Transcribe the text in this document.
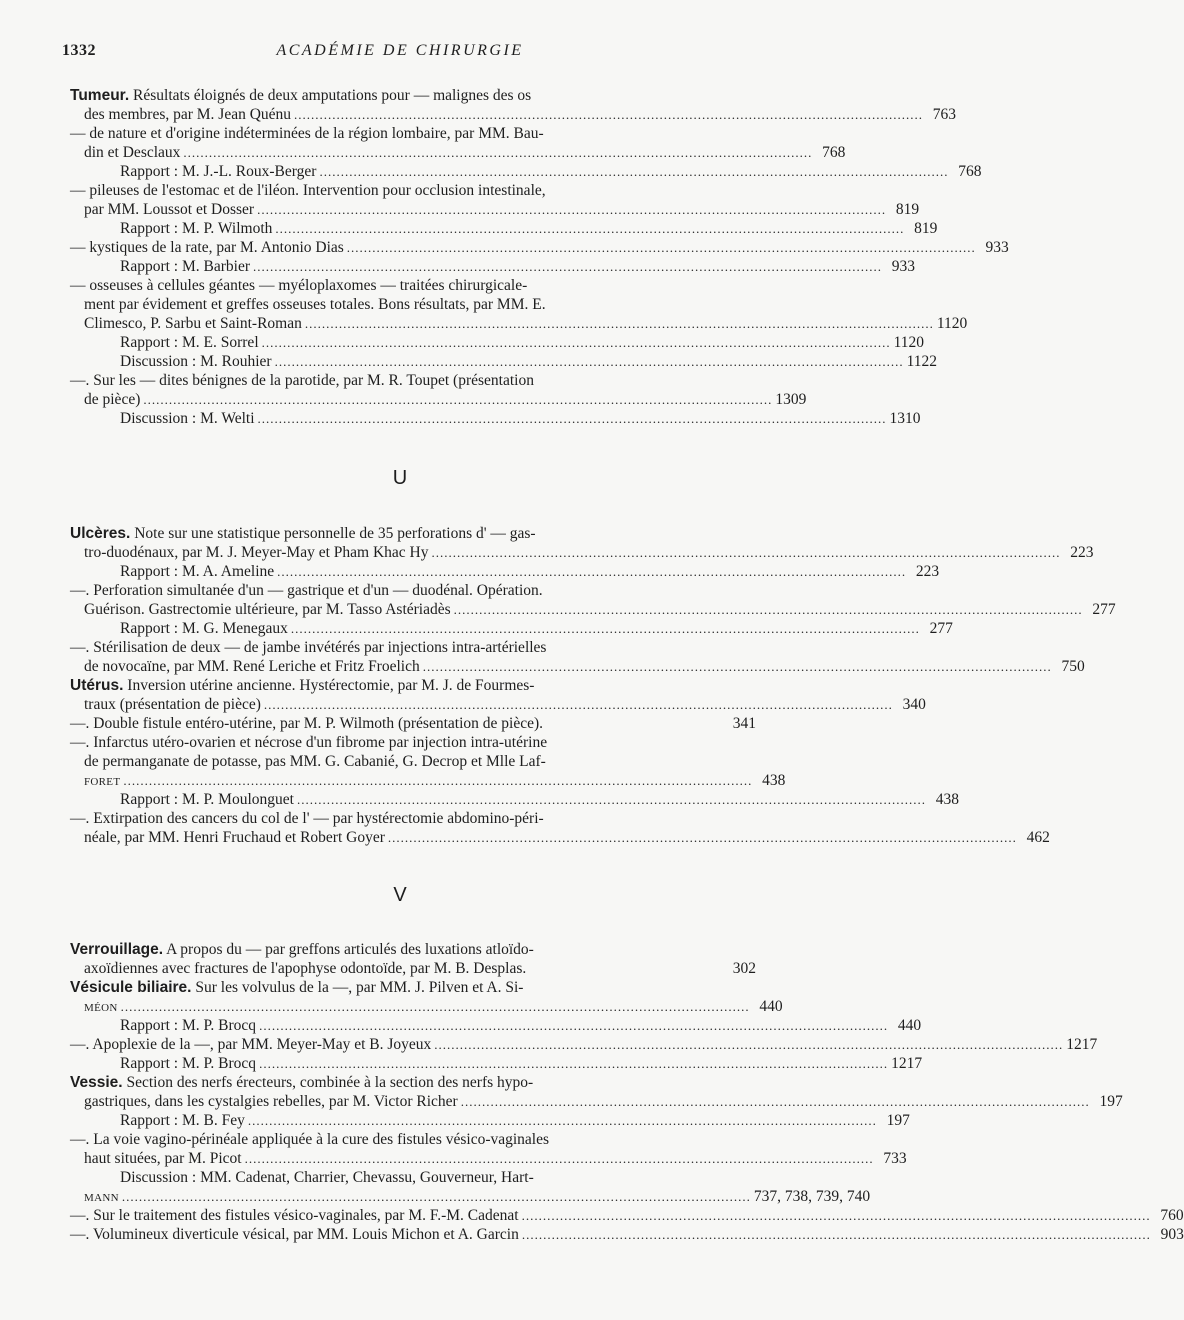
1332	ACADÉMIE DE CHIRURGIE
Tumeur. Résultats éloignés de deux amputations pour — malignes des os
des membres, par M. Jean Quénu .................................................................................................................................................... 763
— de nature et d'origine indéterminées de la région lombaire, par MM. Bau-
din et Desclaux .................................................................................................................................................... 768
Rapport : M. J.-L. Roux-Berger .................................................................................................................................................... 768
— pileuses de l'estomac et de l'iléon. Intervention pour occlusion intestinale,
par MM. Loussot et Dosser .................................................................................................................................................... 819
Rapport : M. P. Wilmoth .................................................................................................................................................... 819
— kystiques de la rate, par M. Antonio Dias .................................................................................................................................................... 933
Rapport : M. Barbier .................................................................................................................................................... 933
— osseuses à cellules géantes — myéloplaxomes — traitées chirurgicale-
ment par évidement et greffes osseuses totales. Bons résultats, par MM. E.
Climesco, P. Sarbu et Saint-Roman .................................................................................................................................................... 1120
Rapport : M. E. Sorrel .................................................................................................................................................... 1120
Discussion : M. Rouhier .................................................................................................................................................... 1122
—. Sur les — dites bénignes de la parotide, par M. R. Toupet (présentation
de pièce) .................................................................................................................................................... 1309
Discussion : M. Welti .................................................................................................................................................... 1310
U
Ulcères. Note sur une statistique personnelle de 35 perforations d' — gas-
tro-duodénaux, par M. J. Meyer-May et Pham Khac Hy .................................................................................................................................................... 223
Rapport : M. A. Ameline .................................................................................................................................................... 223
—. Perforation simultanée d'un — gastrique et d'un — duodénal. Opération.
Guérison. Gastrectomie ultérieure, par M. Tasso Astériadès .................................................................................................................................................... 277
Rapport : M. G. Menegaux .................................................................................................................................................... 277
—. Stérilisation de deux — de jambe invétérés par injections intra-artérielles
de novocaïne, par MM. René Leriche et Fritz Froelich .................................................................................................................................................... 750
Utérus. Inversion utérine ancienne. Hystérectomie, par M. J. de Fourmes-
traux (présentation de pièce) .................................................................................................................................................... 340
—. Double fistule entéro-utérine, par M. P. Wilmoth (présentation de pièce).	341
—. Infarctus utéro-ovarien et nécrose d'un fibrome par injection intra-utérine
de permanganate de potasse, pas MM. G. Cabanié, G. Decrop et Mlle Laf-
foret .................................................................................................................................................... 438
Rapport : M. P. Moulonguet .................................................................................................................................................... 438
—. Extirpation des cancers du col de l' — par hystérectomie abdomino-péri-
néale, par MM. Henri Fruchaud et Robert Goyer .................................................................................................................................................... 462
V
Verrouillage. A propos du — par greffons articulés des luxations atloïdo-
axoïdiennes avec fractures de l'apophyse odontoïde, par M. B. Desplas.	302
Vésicule biliaire. Sur les volvulus de la —, par MM. J. Pilven et A. Si-
méon .................................................................................................................................................... 440
Rapport : M. P. Brocq .................................................................................................................................................... 440
—. Apoplexie de la —, par MM. Meyer-May et B. Joyeux .................................................................................................................................................... 1217
Rapport : M. P. Brocq .................................................................................................................................................... 1217
Vessie. Section des nerfs érecteurs, combinée à la section des nerfs hypo-
gastriques, dans les cystalgies rebelles, par M. Victor Richer .................................................................................................................................................... 197
Rapport : M. B. Fey .................................................................................................................................................... 197
—. La voie vagino-périnéale appliquée à la cure des fistules vésico-vaginales
haut situées, par M. Picot .................................................................................................................................................... 733
Discussion : MM. Cadenat, Charrier, Chevassu, Gouverneur, Hart-
mann .................................................................................................................................................... 737, 738, 739, 740
—. Sur le traitement des fistules vésico-vaginales, par M. F.-M. Cadenat .................................................................................................................................................... 760
—. Volumineux diverticule vésical, par MM. Louis Michon et A. Garcin .................................................................................................................................................... 903
